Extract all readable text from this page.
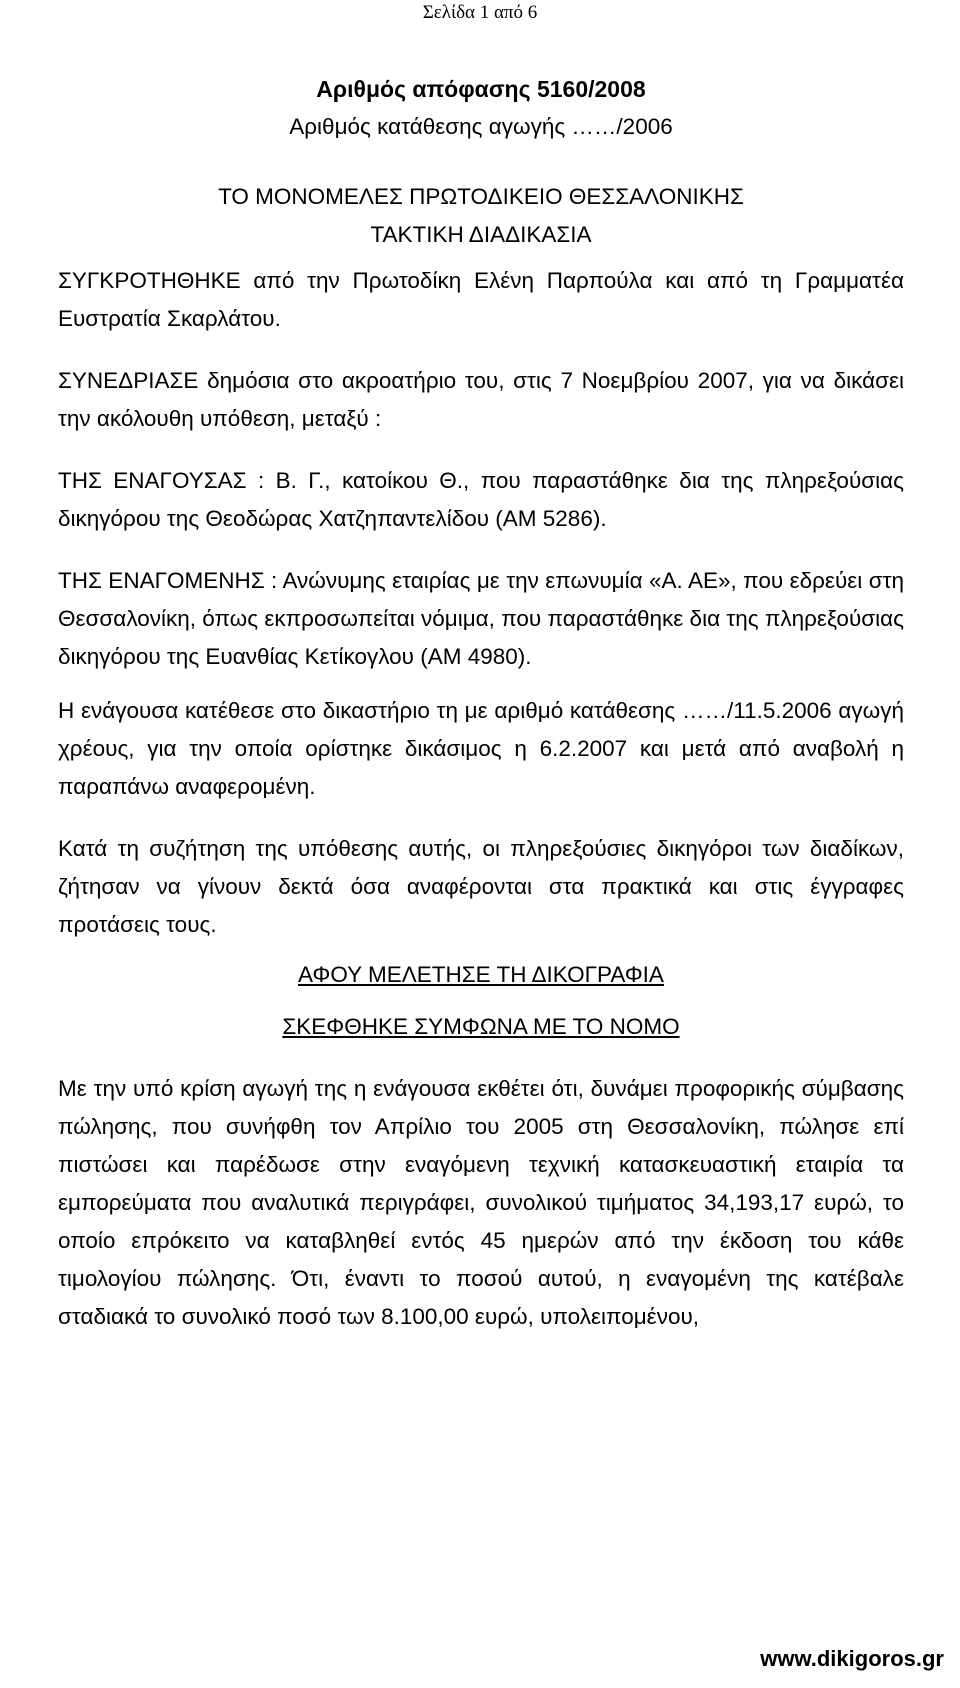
Σελίδα 1 από 6

Αριθμός απόφασης 5160/2008

Αριθμός κατάθεσης αγωγής ……/2006

ΤΟ ΜΟΝΟΜΕΛΕΣ ΠΡΩΤΟΔΙΚΕΙΟ ΘΕΣΣΑΛΟΝΙΚΗΣ

ΤΑΚΤΙΚΗ ΔΙΑΔΙΚΑΣΙΑ

ΣΥΓΚΡΟΤΗΘΗΚΕ από την Πρωτοδίκη Ελένη Παρπούλα και από τη Γραμματέα Ευστρατία Σκαρλάτου.

ΣΥΝΕΔΡΙΑΣΕ δημόσια στο ακροατήριο του, στις 7 Νοεμβρίου 2007, για να δικάσει την ακόλουθη υπόθεση, μεταξύ :

ΤΗΣ ΕΝΑΓΟΥΣΑΣ : Β. Γ., κατοίκου Θ., που παραστάθηκε δια της πληρεξούσιας δικηγόρου της Θεοδώρας Χατζηπαντελίδου (ΑΜ 5286).

ΤΗΣ ΕΝΑΓΟΜΕΝΗΣ : Ανώνυμης εταιρίας με την επωνυμία «Α. ΑΕ», που εδρεύει στη Θεσσαλονίκη, όπως εκπροσωπείται νόμιμα, που παραστάθηκε δια της πληρεξούσιας δικηγόρου της Ευανθίας Κετίκογλου (ΑΜ 4980).

Η ενάγουσα κατέθεσε στο δικαστήριο τη με αριθμό κατάθεσης ……/11.5.2006 αγωγή χρέους, για την οποία ορίστηκε δικάσιμος η 6.2.2007 και μετά από αναβολή η παραπάνω αναφερομένη.

Κατά τη συζήτηση της υπόθεσης αυτής, οι πληρεξούσιες δικηγόροι των διαδίκων, ζήτησαν να γίνουν δεκτά όσα αναφέρονται στα πρακτικά και στις έγγραφες προτάσεις τους.

ΑΦΟΥ ΜΕΛΕΤΗΣΕ ΤΗ ΔΙΚΟΓΡΑΦΙΑ

ΣΚΕΦΘΗΚΕ ΣΥΜΦΩΝΑ ΜΕ ΤΟ ΝΟΜΟ

Με την υπό κρίση αγωγή της η ενάγουσα εκθέτει ότι, δυνάμει προφορικής σύμβασης πώλησης, που συνήφθη τον Απρίλιο του 2005 στη Θεσσαλονίκη, πώλησε επί πιστώσει και παρέδωσε στην εναγόμενη τεχνική κατασκευαστική εταιρία τα εμπορεύματα που αναλυτικά περιγράφει, συνολικού τιμήματος 34,193,17 ευρώ, το οποίο επρόκειτο να καταβληθεί εντός 45 ημερών από την έκδοση του κάθε τιμολογίου πώλησης. Ότι, έναντι το ποσού αυτού, η εναγομένη της κατέβαλε σταδιακά το συνολικό ποσό των 8.100,00 ευρώ, υπολειπομένου,

www.dikigoros.gr
